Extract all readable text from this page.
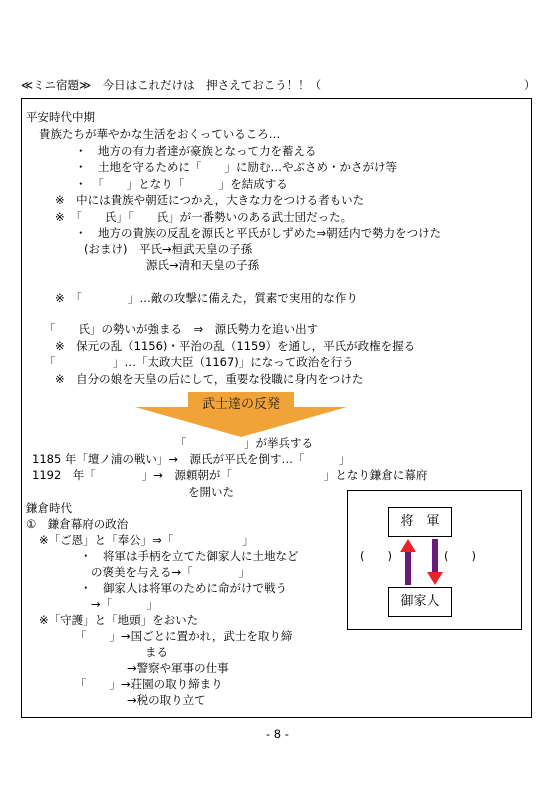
≪ミニ宿題≫　今日はこれだけは　押さえておこう！！（	）
平安時代中期
貴族たちが華やかな生活をおくっているころ…
・　地方の有力者達が豪族となって力を蓄える
・　土地を守るために「　　」に励む…やぶさめ・かさがけ等
・　「　　」となり「　　　」を結成する
※　中には貴族や朝廷につかえ，大きな力をつける者もいた
※　「　　氏」「　　氏」が一番勢いのある武士団だった。
・　地方の貴族の反乱を源氏と平氏がしずめた⇒朝廷内で勢力をつけた
(おまけ)　平氏→桓武天皇の子孫
源氏→清和天皇の子孫
※　「　　　　」…敵の攻撃に備えた，質素で実用的な作り
「　　氏」の勢いが強まる　⇒　源氏勢力を追い出す
※　保元の乱（1156)・平治の乱（1159）を通し，平氏が政権を握る
「　　　　　」…「太政大臣（1167)」になって政治を行う
※　自分の娘を天皇の后にして，重要な役職に身内をつけた
武士達の反発
「　　　　　」が挙兵する
1185 年「壇ノ浦の戦い」→　源氏が平氏を倒す…「　　　」
1192　年「　　　　」→　源頼朝が「　　　　　　　　」となり鎌倉に幕府
を開いた
鎌倉時代
①　鎌倉幕府の政治
※「ご恩」と「奉公」⇒「　　　　　　」
・　将軍は手柄を立てた御家人に土地など
の褒美を与える→「　　　　」
・　御家人は将軍のために命がけで戦う
→「　　　」
※「守護」と「地頭」をおいた
「　　」→国ごとに置かれ，武士を取り締
まる
→警察や軍事の仕事
「　　」→荘園の取り締まり
→税の取り立て
将　軍
御家人
(　　)	(　　)
- 8 -
